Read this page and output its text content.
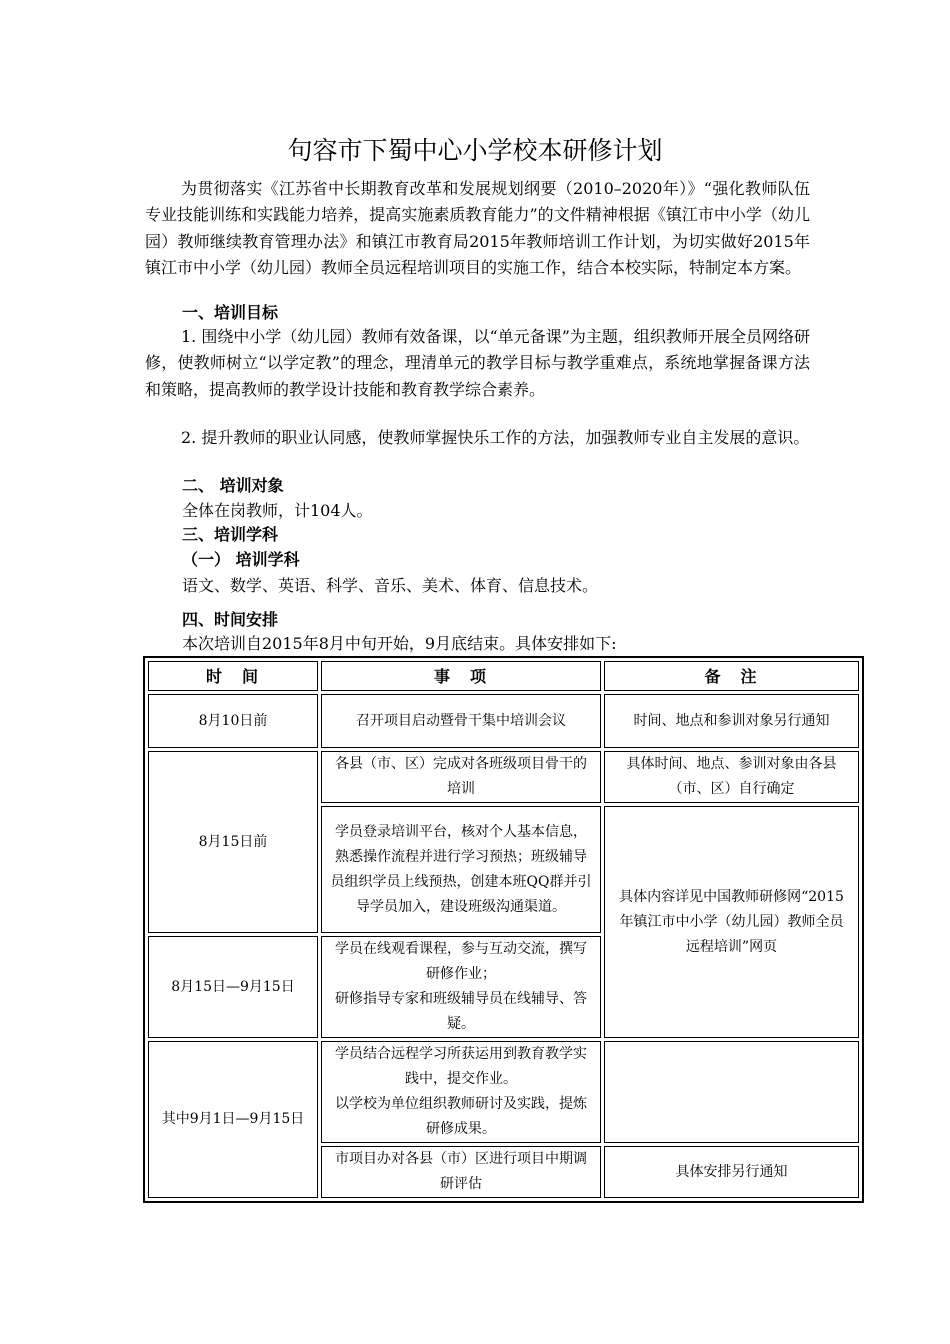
句容市下蜀中心小学校本研修计划
为贯彻落实《江苏省中长期教育改革和发展规划纲要（2010–2020年）》“强化教师队伍专业技能训练和实践能力培养，提高实施素质教育能力”的文件精神根据《镇江市中小学（幼儿园）教师继续教育管理办法》和镇江市教育局2015年教师培训工作计划，为切实做好2015年镇江市中小学（幼儿园）教师全员远程培训项目的实施工作，结合本校实际，特制定本方案。
一、培训目标
1. 围绕中小学（幼儿园）教师有效备课，以“单元备课”为主题，组织教师开展全员网络研修，使教师树立“以学定教”的理念，理清单元的教学目标与教学重难点，系统地掌握备课方法和策略，提高教师的教学设计技能和教育教学综合素养。
2. 提升教师的职业认同感，使教师掌握快乐工作的方法，加强教师专业自主发展的意识。
二、 培训对象
全体在岗教师，计104人。
三、培训学科
（一） 培训学科
语文、数学、英语、科学、音乐、美术、体育、信息技术。
四、时间安排
本次培训自2015年8月中旬开始，9月底结束。具体安排如下:
时　间	事　项	备　注
8月10日前	召开项目启动暨骨干集中培训会议	时间、地点和参训对象另行通知
8月15日前	各县（市、区）完成对各班级项目骨干的培训	具体时间、地点、参训对象由各县（市、区）自行确定
	学员登录培训平台，核对个人基本信息，熟悉操作流程并进行学习预热；班级辅导员组织学员上线预热，创建本班QQ群并引导学员加入，建设班级沟通渠道。	具体内容详见中国教师研修网“2015年镇江市中小学（幼儿园）教师全员远程培训”网页
8月15日—9月15日	学员在线观看课程，参与互动交流，撰写研修作业；
研修指导专家和班级辅导员在线辅导、答疑。	

其中9月1日—9月15日	学员结合远程学习所获运用到教育教学实践中，提交作业。
以学校为单位组织教师研讨及实践，提炼研修成果。	

	市项目办对各县（市）区进行项目中期调研评估	具体安排另行通知
